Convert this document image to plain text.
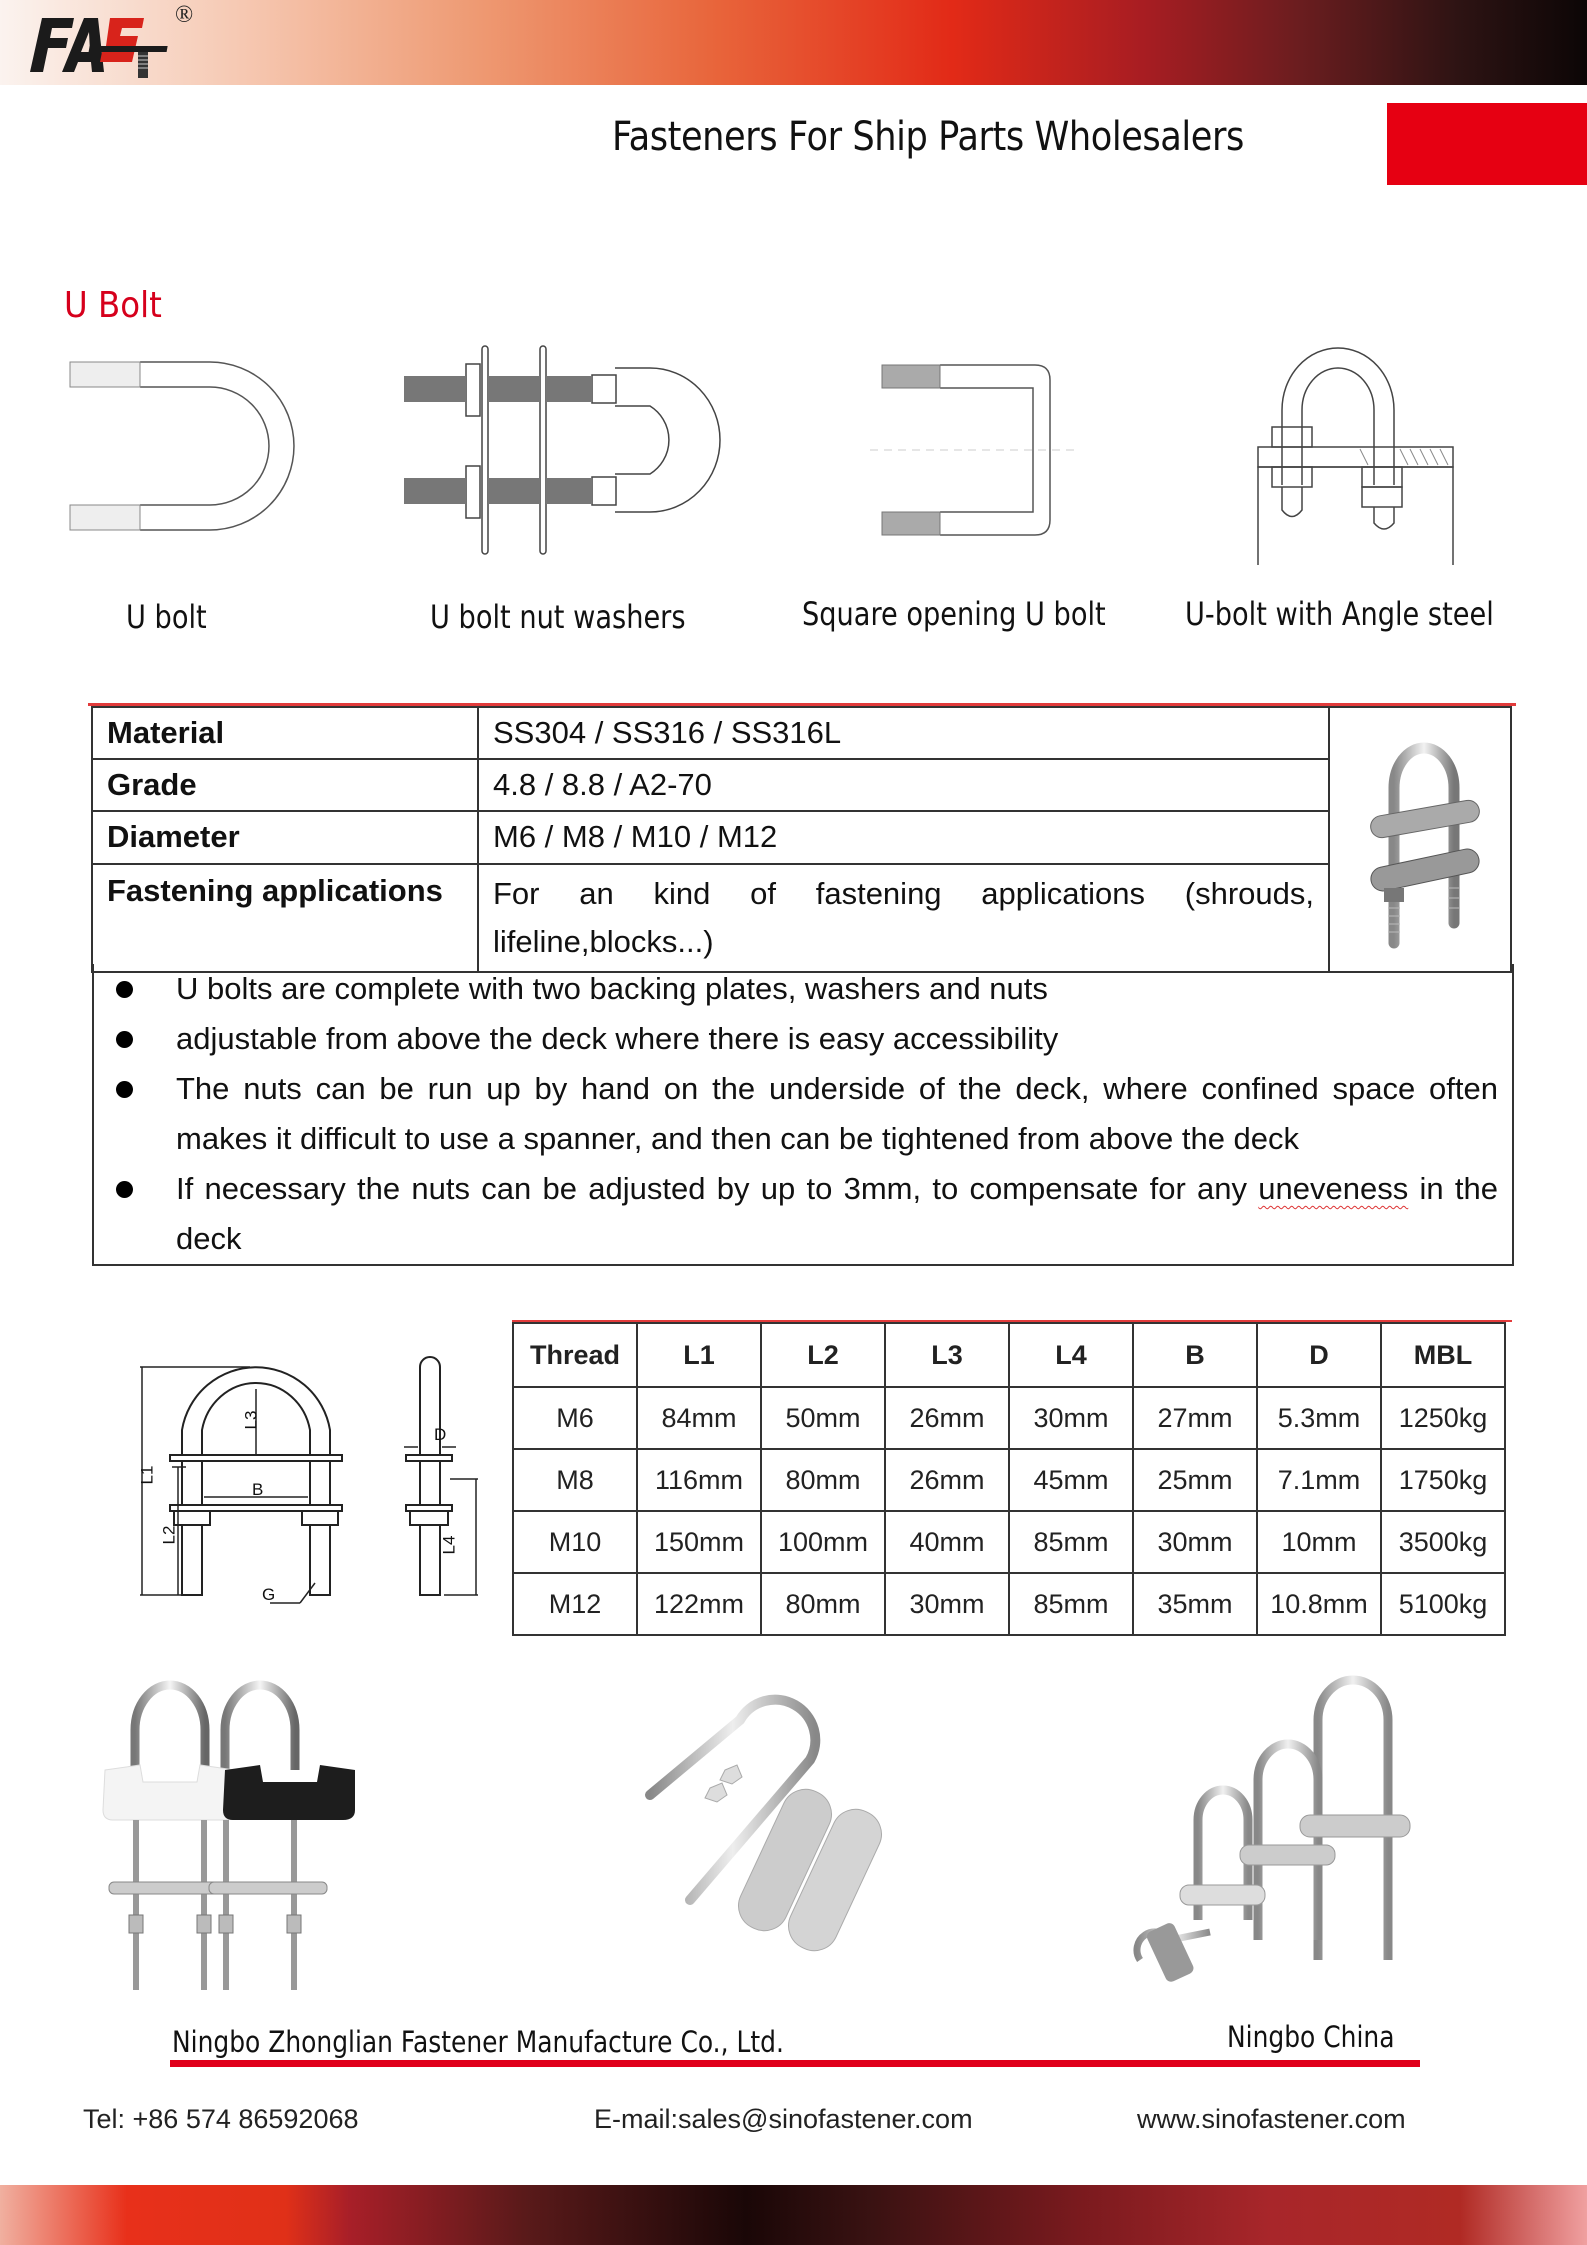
®
Fasteners For Ship Parts Wholesalers
U Bolt
U bolt	U bolt nut washers	Square opening U bolt U-bolt with Angle steel
Material	SS304 / SS316 / SS316L	
Grade	4.8 / 8.8 / A2-70	
Diameter	M6 / M8 / M10 / M12	
Fastening applications	For an kind of fastening applications (shrouds, lifeline,blocks...)	
U bolts are complete with two backing plates, washers and nuts
adjustable from above the deck where there is easy accessibility
The nuts can be run up by hand on the underside of the deck, where confined space often makes it difficult to use a spanner, and then can be tightened from above the deck
If necessary the nuts can be adjusted by up to 3mm, to compensate for any uneveness in the deck
L1
L2
L3
L4
B
D
G
Thread	L1	L2	L3	L4	B	D	MBL
M6	84mm	50mm	26mm	30mm	27mm	5.3mm	1250kg
M8	116mm	80mm	26mm	45mm	25mm	7.1mm	1750kg
M10	150mm	100mm	40mm	85mm	30mm	10mm	3500kg
M12	122mm	80mm	30mm	85mm	35mm	10.8mm	5100kg
Ningbo Zhonglian Fastener Manufacture Co., Ltd.	Ningbo China
Tel: +86 574 86592068	E-mail:sales@sinofastener.com	www.sinofastener.com
